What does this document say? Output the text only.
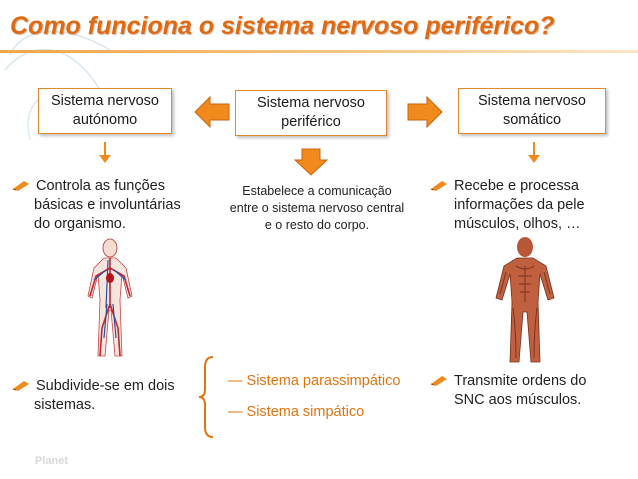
Como funciona o sistema nervoso periférico?
Sistema nervoso
autónomo
Sistema nervoso
periférico
Sistema nervoso
somático
Controla as funções
básicas e involuntárias
do organismo.
Recebe e processa
informações da pele
músculos, olhos, …
Estabelece a comunicação
entre o sistema nervoso central
e o resto do corpo.
Subdivide-se em dois
sistemas.
— Sistema parassimpático
— Sistema simpático
Transmite ordens do
SNC aos músculos.
Planet
